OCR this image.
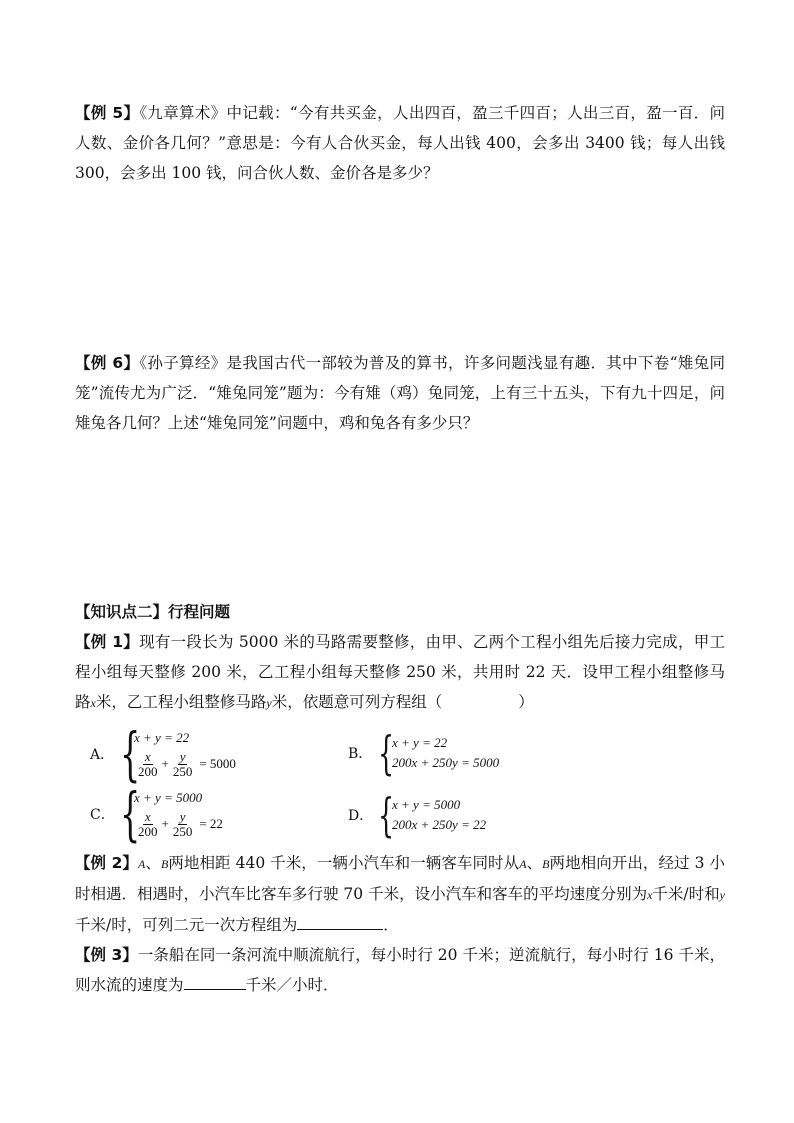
【例 5】《九章算术》中记载：“今有共买金，人出四百，盈三千四百；人出三百，盈一百．问人数、金价各几何？”意思是：今有人合伙买金，每人出钱 400，会多出 3400 钱；每人出钱 300，会多出 100 钱，问合伙人数、金价各是多少？

【例 6】《孙子算经》是我国古代一部较为普及的算书，许多问题浅显有趣．其中下卷“雉兔同笼”流传尤为广泛．“雉兔同笼”题为：今有雉（鸡）兔同笼，上有三十五头，下有九十四足，问雉兔各几何？上述“雉兔同笼”问题中，鸡和兔各有多少只？

【知识点二】行程问题

【例 1】现有一段长为 5000 米的马路需要整修，由甲、乙两个工程小组先后接力完成，甲工程小组每天整修 200 米，乙工程小组每天整修 250 米，共用时 22 天．设甲工程小组整修马路x米，乙工程小组整修马路y米，依题意可列方程组（	）

A． {
x + y = 22
$\frac{x}{200} + \frac{y}{250} = 5000$
B． {
x + y = 22
200x + 250y = 5000
C． {
x + y = 5000
$\frac{x}{200} + \frac{y}{250} = 22$	D． {
x + y = 5000
200x + 250y = 22

【例 2】A、B两地相距 440 千米，一辆小汽车和一辆客车同时从A、B两地相向开出，经过 3 小时相遇．相遇时，小汽车比客车多行驶 70 千米，设小汽车和客车的平均速度分别为x千米/时和y千米/时，可列二元一次方程组为	．

【例 3】一条船在同一条河流中顺流航行，每小时行 20 千米；逆流航行，每小时行 16 千米，则水流的速度为	千米／小时．
